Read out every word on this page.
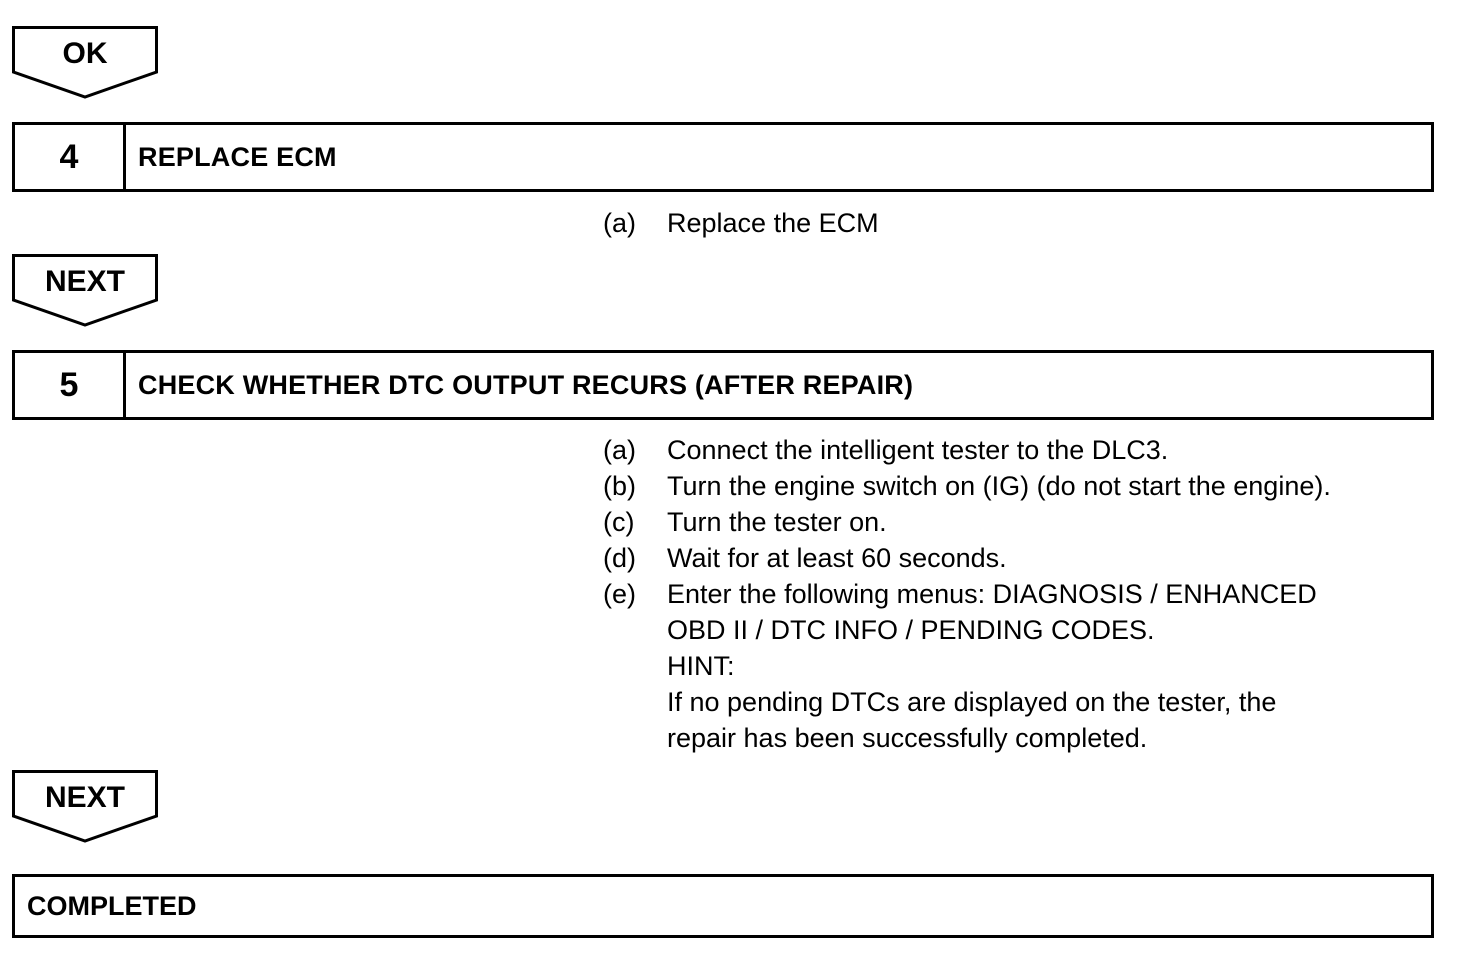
OK
4	REPLACE ECM
(a)	Replace the ECM
NEXT
5	CHECK WHETHER DTC OUTPUT RECURS (AFTER REPAIR)
(a)	Connect the intelligent tester to the DLC3.
(b)	Turn the engine switch on (IG) (do not start the engine).
(c)	Turn the tester on.
(d)	Wait for at least 60 seconds.
(e)	Enter the following menus: DIAGNOSIS / ENHANCED
OBD II / DTC INFO / PENDING CODES.
HINT:
If no pending DTCs are displayed on the tester, the
repair has been successfully completed.
NEXT
COMPLETED
